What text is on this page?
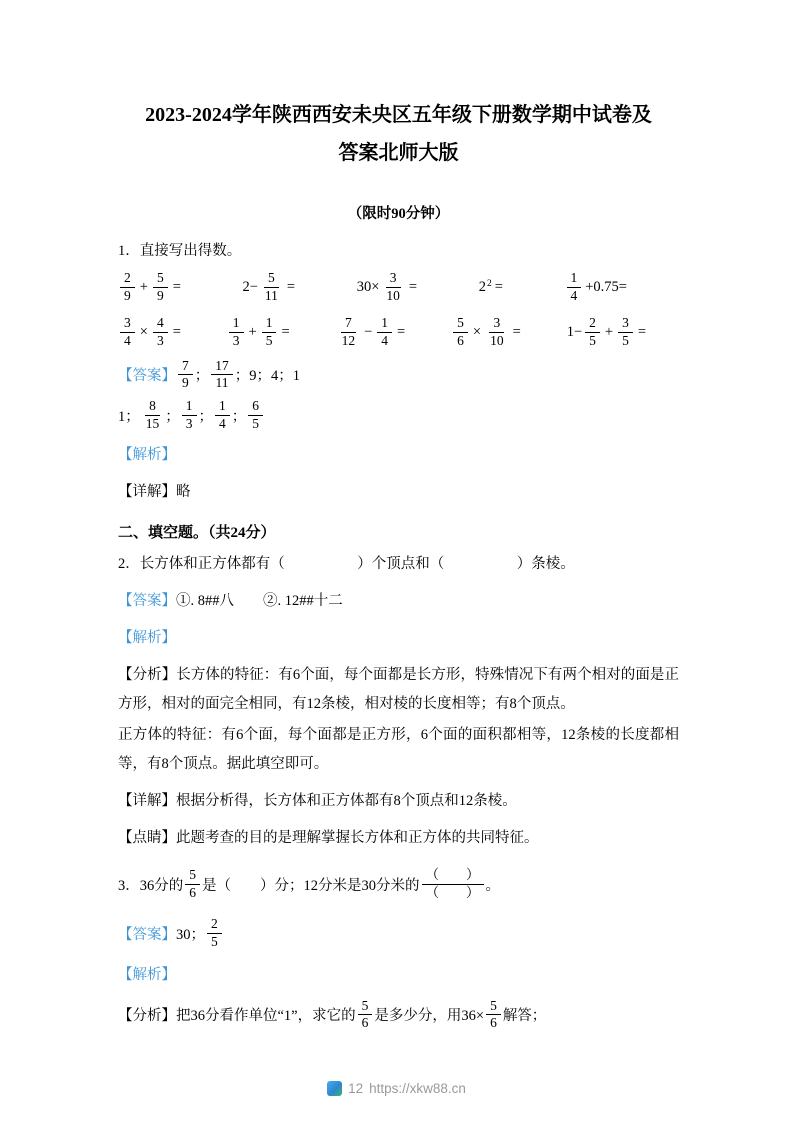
2023-2024学年陕西西安未央区五年级下册数学期中试卷及
答案北师大版
（限时90分钟）
1．直接写出得数。
$\frac{2}{9} + \frac{5}{9}$ =	$2- \frac{5}{11}$ =	$30\times \frac{3}{10}$ =	$2^2$ =	$\frac{1}{4} +0.75=$
$\frac{3}{4} \times \frac{4}{3}$ =	$\frac{1}{3} + \frac{1}{5}$ =	$\frac{7}{12} - \frac{1}{4}$ =	$\frac{5}{6} \times \frac{3}{10}$ =	$1- \frac{2}{5} + \frac{3}{5}$ =
【答案】 $\frac{7}{9}$ ； $\frac{17}{11}$ ；9；4；1
1； $\frac{8}{15}$ ； $\frac{1}{3}$ ； $\frac{1}{4}$ ； $\frac{6}{5}$
【解析】
【详解】略
二、填空题。（共24分）
2．长方体和正方体都有（　　　　　）个顶点和（　　　　　）条棱。
【答案】①. 8##八　　②. 12##十二
【解析】
【分析】长方体的特征：有6个面，每个面都是长方形，特殊情况下有两个相对的面是正方形，相对的面完全相同，有12条棱，相对棱的长度相等；有8个顶点。
正方体的特征：有6个面，每个面都是正方形，6个面的面积都相等，12条棱的长度都相等，有8个顶点。据此填空即可。
【详解】根据分析得，长方体和正方体都有8个顶点和12条棱。
【点睛】此题考查的目的是理解掌握长方体和正方体的共同特征。
3．36分的 $\frac{5}{6}$ 是（　　）分；12分米是30分米的 $\frac{( )}{( )}$ 。
【答案】 30； $\frac{2}{5}$
【解析】
【分析】把36分看作单位“1”，求它的 $\frac{5}{6}$ 是多少分，用$36\times \frac{5}{6}$ 解答；
12 https://xkw88.cn
